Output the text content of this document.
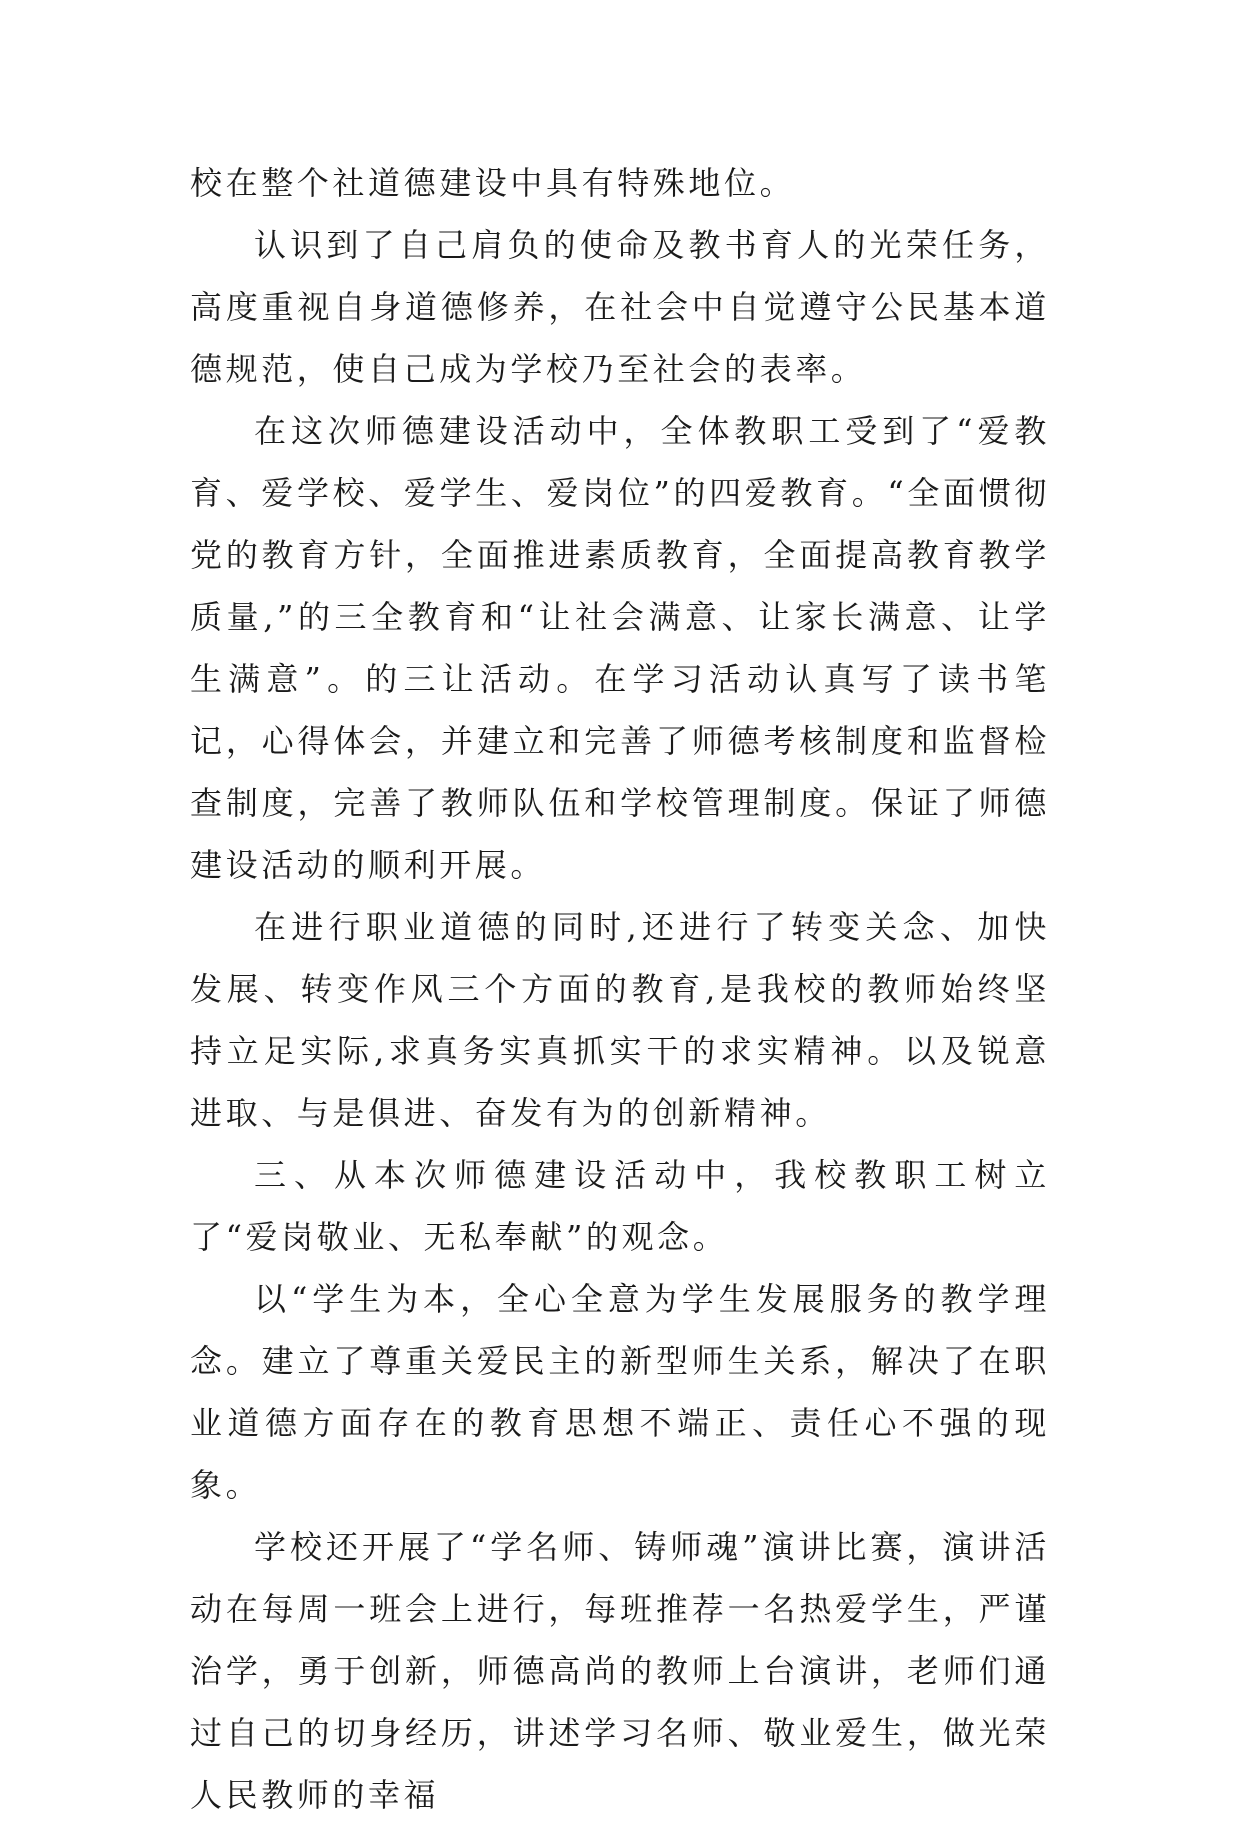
校在整个社道德建设中具有特殊地位。

认识到了自己肩负的使命及教书育人的光荣任务，高度重视自身道德修养，在社会中自觉遵守公民基本道德规范，使自己成为学校乃至社会的表率。

在这次师德建设活动中，全体教职工受到了“爱教育、爱学校、爱学生、爱岗位”的四爱教育。“全面惯彻党的教育方针，全面推进素质教育，全面提高教育教学质量,”的三全教育和“让社会满意、让家长满意、让学生满意”。的三让活动。在学习活动认真写了读书笔记，心得体会，并建立和完善了师德考核制度和监督检查制度，完善了教师队伍和学校管理制度。保证了师德建设活动的顺利开展。

在进行职业道德的同时,还进行了转变关念、加快发展、转变作风三个方面的教育,是我校的教师始终坚持立足实际,求真务实真抓实干的求实精神。以及锐意进取、与是俱进、奋发有为的创新精神。

三、从本次师德建设活动中，我校教职工树立了“爱岗敬业、无私奉献”的观念。

以“学生为本，全心全意为学生发展服务的教学理念。建立了尊重关爱民主的新型师生关系，解决了在职业道德方面存在的教育思想不端正、责任心不强的现象。

学校还开展了“学名师、铸师魂”演讲比赛，演讲活动在每周一班会上进行，每班推荐一名热爱学生，严谨治学，勇于创新，师德高尚的教师上台演讲，老师们通过自己的切身经历，讲述学习名师、敬业爱生，做光荣人民教师的幸福
